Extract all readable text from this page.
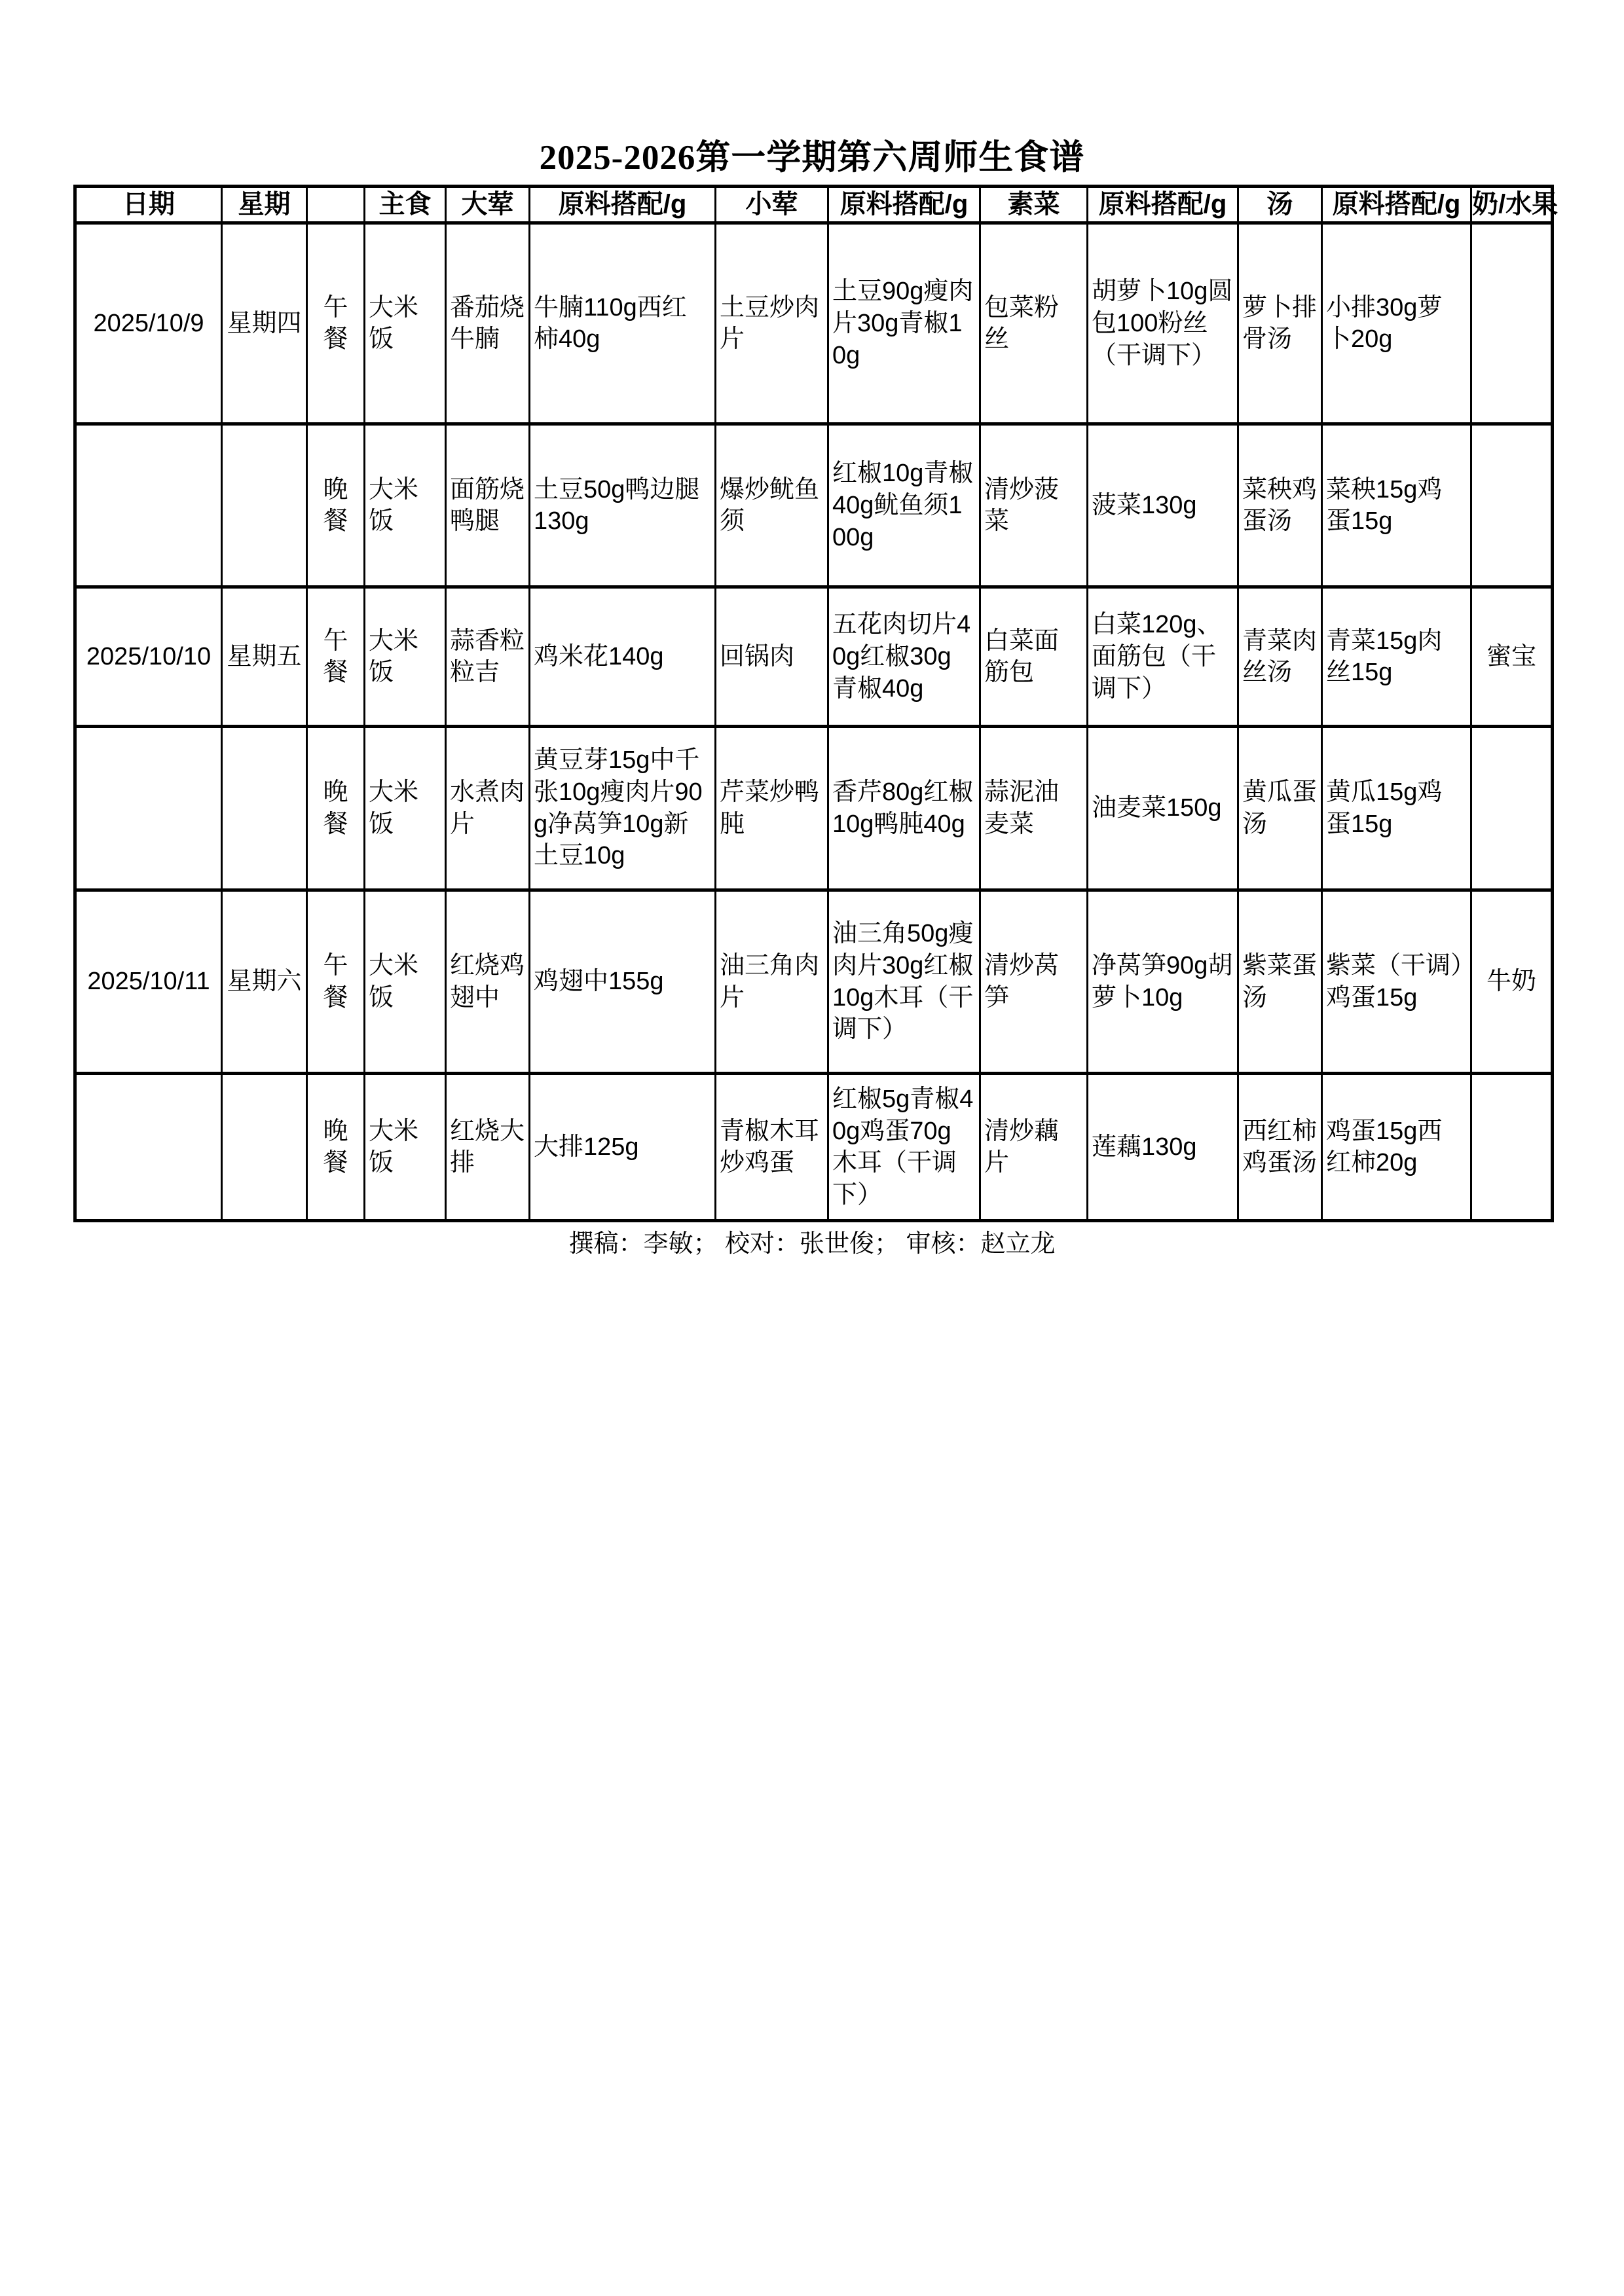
2025-2026第一学期第六周师生食谱
日期	星期		主食	大荤	原料搭配/g	小荤	原料搭配/g	素菜	原料搭配/g	汤	原料搭配/g	奶/水果
2025/10/9	星期四	午餐	大米饭	番茄烧牛腩	牛腩110g西红柿40g	土豆炒肉片	土豆90g瘦肉片30g青椒10g	包菜粉丝	胡萝卜10g圆包100粉丝（干调下）	萝卜排骨汤	小排30g萝卜20g	
		晚餐	大米饭	面筋烧鸭腿	土豆50g鸭边腿130g	爆炒鱿鱼须	红椒10g青椒40g鱿鱼须100g	清炒菠菜	菠菜130g	菜秧鸡蛋汤	菜秧15g鸡蛋15g	
2025/10/10	星期五	午餐	大米饭	蒜香粒粒吉	鸡米花140g	回锅肉	五花肉切片40g红椒30g青椒40g	白菜面筋包	白菜120g、面筋包（干调下）	青菜肉丝汤	青菜15g肉丝15g	蜜宝
		晚餐	大米饭	水煮肉片	黄豆芽15g中千张10g瘦肉片90g净莴笋10g新土豆10g	芹菜炒鸭肫	香芹80g红椒10g鸭肫40g	蒜泥油麦菜	油麦菜150g	黄瓜蛋汤	黄瓜15g鸡蛋15g	
2025/10/11	星期六	午餐	大米饭	红烧鸡翅中	鸡翅中155g	油三角肉片	油三角50g瘦肉片30g红椒10g木耳（干调下）	清炒莴笋	净莴笋90g胡萝卜10g	紫菜蛋汤	紫菜（干调）鸡蛋15g	牛奶
		晚餐	大米饭	红烧大排	大排125g	青椒木耳炒鸡蛋	红椒5g青椒40g鸡蛋70g木耳（干调下）	清炒藕片	莲藕130g	西红柿鸡蛋汤	鸡蛋15g西红柿20g	
撰稿：李敏； 校对：张世俊； 审核：赵立龙
